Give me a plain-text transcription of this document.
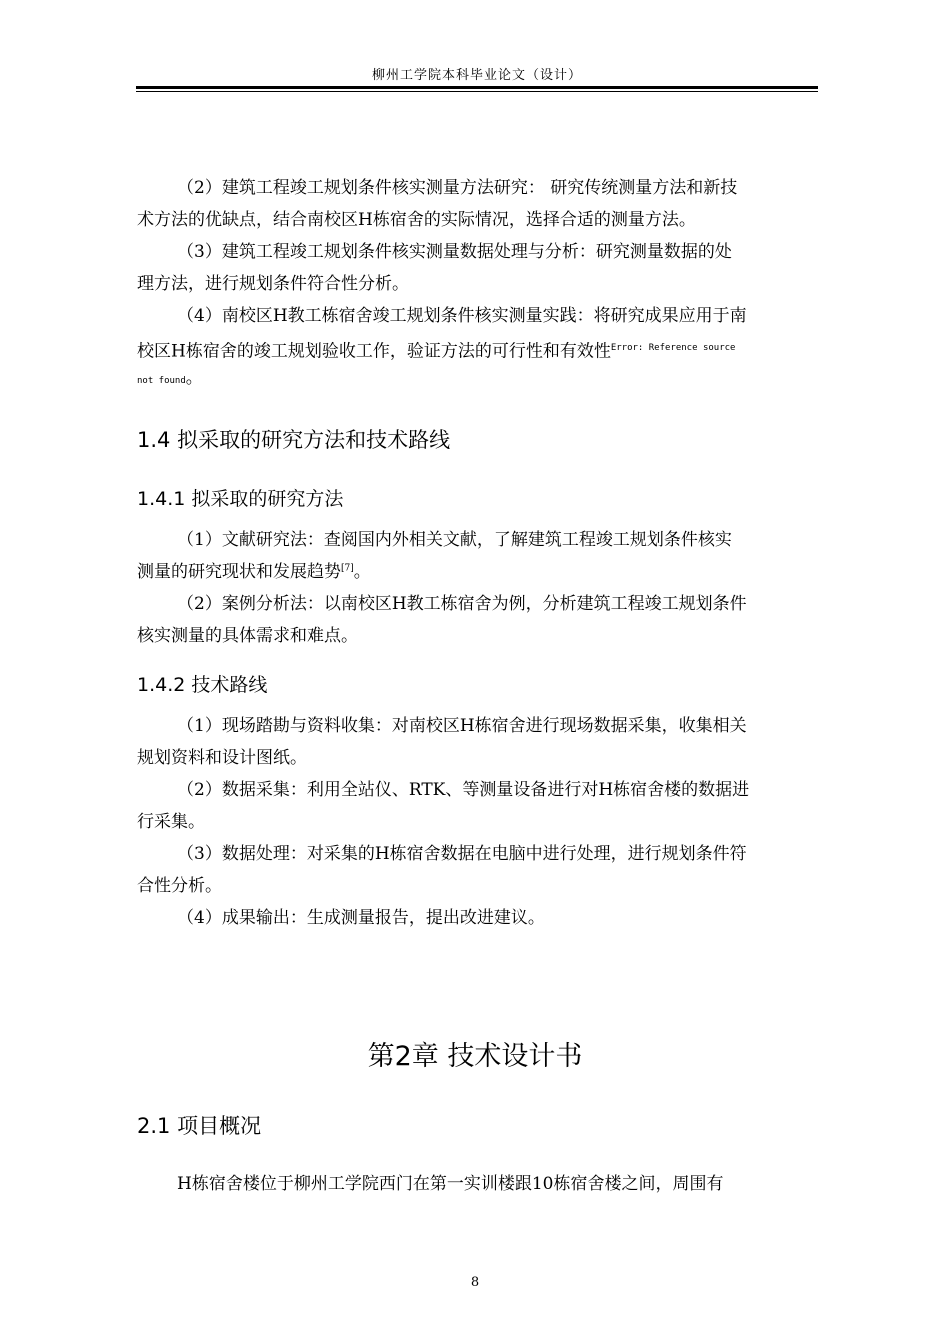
柳州工学院本科毕业论文（设计）
（2）建筑工程竣工规划条件核实测量方法研究： 研究传统测量方法和新技
术方法的优缺点，结合南校区H栋宿舍的实际情况，选择合适的测量方法。
（3）建筑工程竣工规划条件核实测量数据处理与分析：研究测量数据的处
理方法，进行规划条件符合性分析。
（4）南校区H教工栋宿舍竣工规划条件核实测量实践：将研究成果应用于南
校区H栋宿舍的竣工规划验收工作，验证方法的可行性和有效性$^{Error: Reference source}$
not found。
1.4 拟采取的研究方法和技术路线
1.4.1 拟采取的研究方法
（1）文献研究法：查阅国内外相关文献，了解建筑工程竣工规划条件核实
测量的研究现状和发展趋势[7]。
（2）案例分析法：以南校区H教工栋宿舍为例，分析建筑工程竣工规划条件
核实测量的具体需求和难点。
1.4.2 技术路线
（1）现场踏勘与资料收集：对南校区H栋宿舍进行现场数据采集，收集相关
规划资料和设计图纸。
（2）数据采集：利用全站仪、RTK、等测量设备进行对H栋宿舍楼的数据进
行采集。
（3）数据处理：对采集的H栋宿舍数据在电脑中进行处理，进行规划条件符
合性分析。
（4）成果输出：生成测量报告，提出改进建议。
第2章 技术设计书
2.1 项目概况
H栋宿舍楼位于柳州工学院西门在第一实训楼跟10栋宿舍楼之间，周围有
8
